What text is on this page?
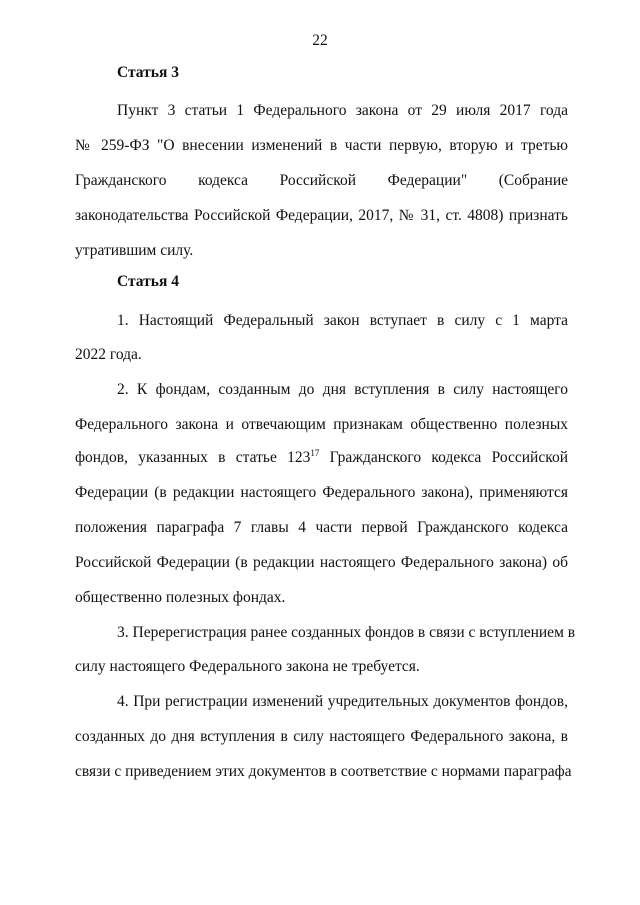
22
Статья 3
Пункт 3 статьи 1 Федерального закона от 29 июля 2017 года
№ 259-ФЗ "О внесении изменений в части первую, вторую и третью
Гражданского кодекса Российской Федерации" (Собрание
законодательства Российской Федерации, 2017, № 31, ст. 4808) признать
утратившим силу.
Статья 4
1. Настоящий Федеральный закон вступает в силу с 1 марта
2022 года.
2. К фондам, созданным до дня вступления в силу настоящего
Федерального закона и отвечающим признакам общественно полезных
фондов, указанных в статье $123^{17}$ Гражданского кодекса Российской
Федерации (в редакции настоящего Федерального закона), применяются
положения параграфа 7 главы 4 части первой Гражданского кодекса
Российской Федерации (в редакции настоящего Федерального закона) об
общественно полезных фондах.
3. Перерегистрация ранее созданных фондов в связи с вступлением в
силу настоящего Федерального закона не требуется.
4. При регистрации изменений учредительных документов фондов,
созданных до дня вступления в силу настоящего Федерального закона, в
связи с приведением этих документов в соответствие с нормами параграфа
